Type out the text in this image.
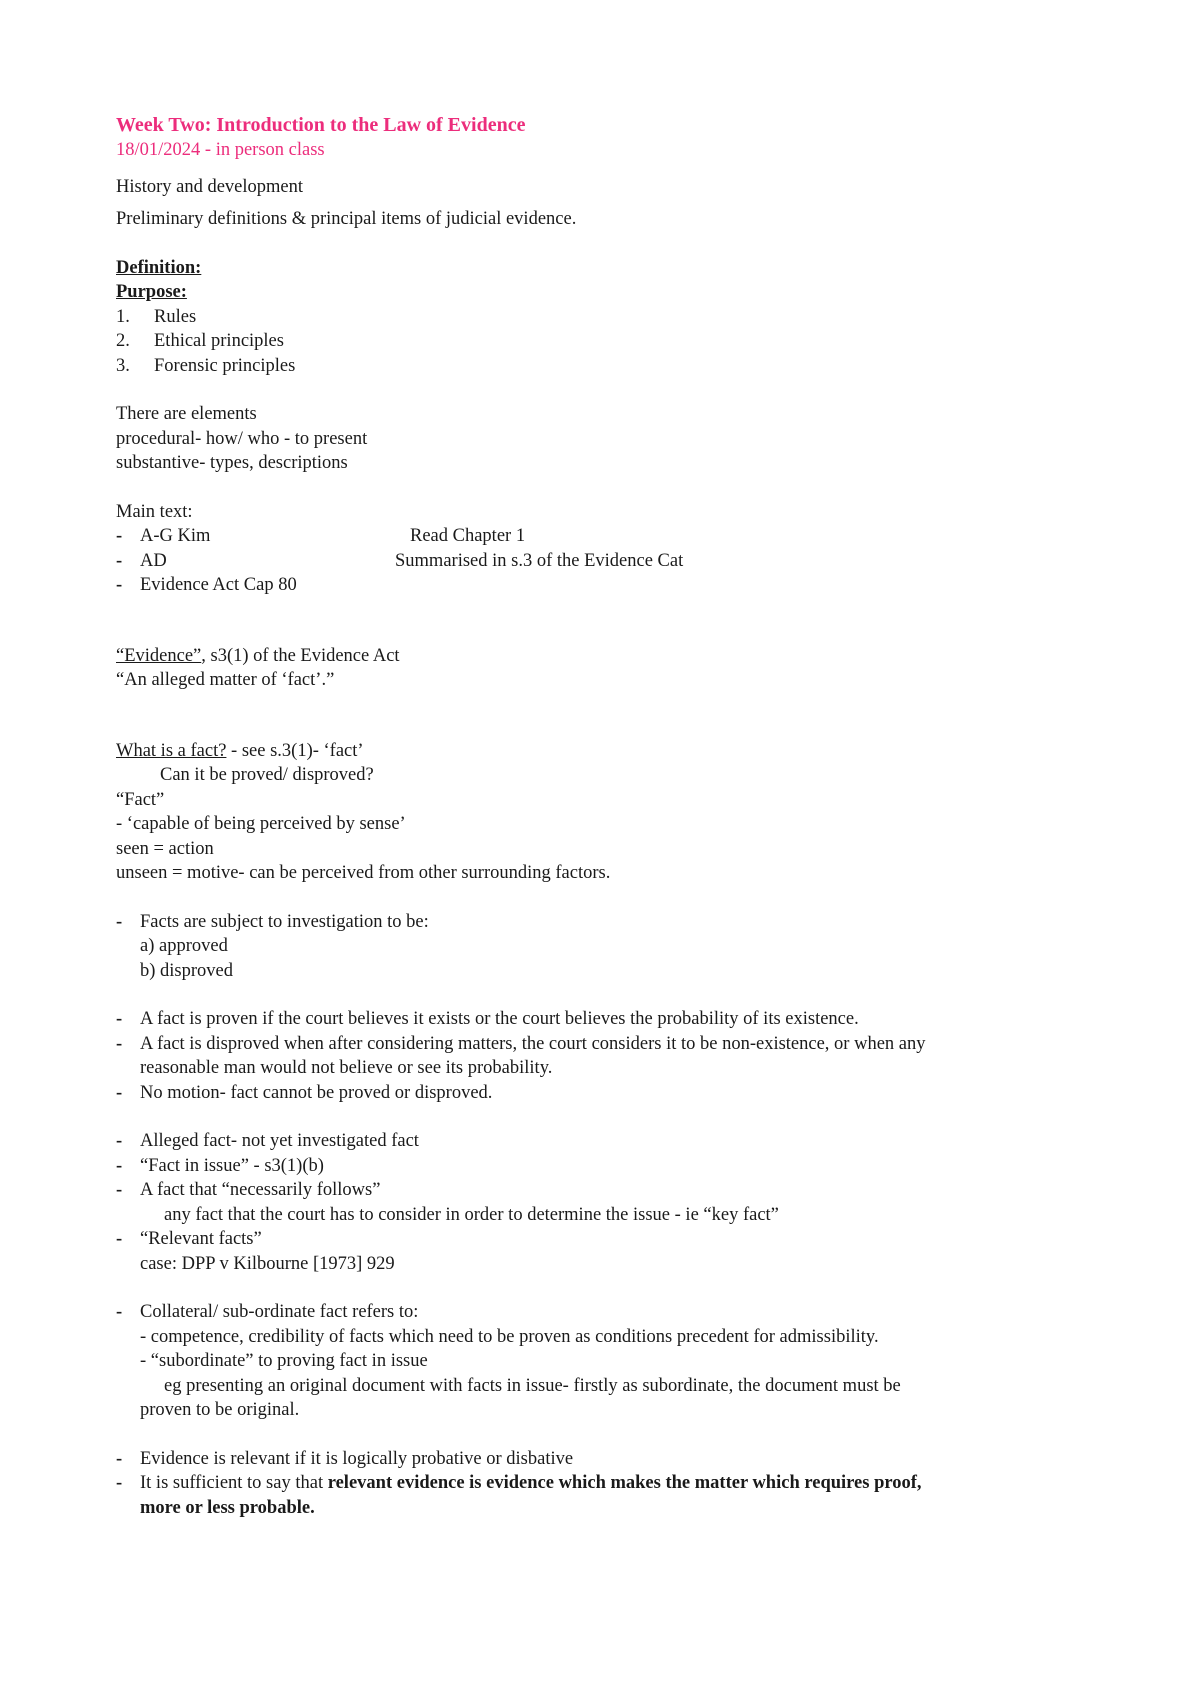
Week Two: Introduction to the Law of Evidence
18/01/2024 - in person class
History and development
Preliminary definitions & principal items of judicial evidence.
Definition:
Purpose:
1. Rules
2. Ethical principles
3. Forensic principles
There are elements
procedural- how/ who - to present
substantive- types, descriptions
Main text:
- A-G Kim	Read Chapter 1
- AD	Summarised in s.3 of the Evidence Cat
- Evidence Act Cap 80
“Evidence”, s3(1) of the Evidence Act
“An alleged matter of ‘fact’.”
What is a fact? - see s.3(1)- ‘fact’
Can it be proved/ disproved?
“Fact”
- ‘capable of being perceived by sense’
seen = action
unseen = motive- can be perceived from other surrounding factors.
- Facts are subject to investigation to be:
a) approved
b) disproved
- A fact is proven if the court believes it exists or the court believes the probability of its existence.
- A fact is disproved when after considering matters, the court considers it to be non-existence, or when any
reasonable man would not believe or see its probability.
- No motion- fact cannot be proved or disproved.
- Alleged fact- not yet investigated fact
- “Fact in issue” - s3(1)(b)
- A fact that “necessarily follows”
any fact that the court has to consider in order to determine the issue - ie “key fact”
- “Relevant facts”
case: DPP v Kilbourne [1973] 929
- Collateral/ sub-ordinate fact refers to:
- competence, credibility of facts which need to be proven as conditions precedent for admissibility.
- “subordinate” to proving fact in issue
eg presenting an original document with facts in issue- firstly as subordinate, the document must be
proven to be original.
- Evidence is relevant if it is logically probative or disbative
- It is sufficient to say that relevant evidence is evidence which makes the matter which requires proof,
more or less probable.
